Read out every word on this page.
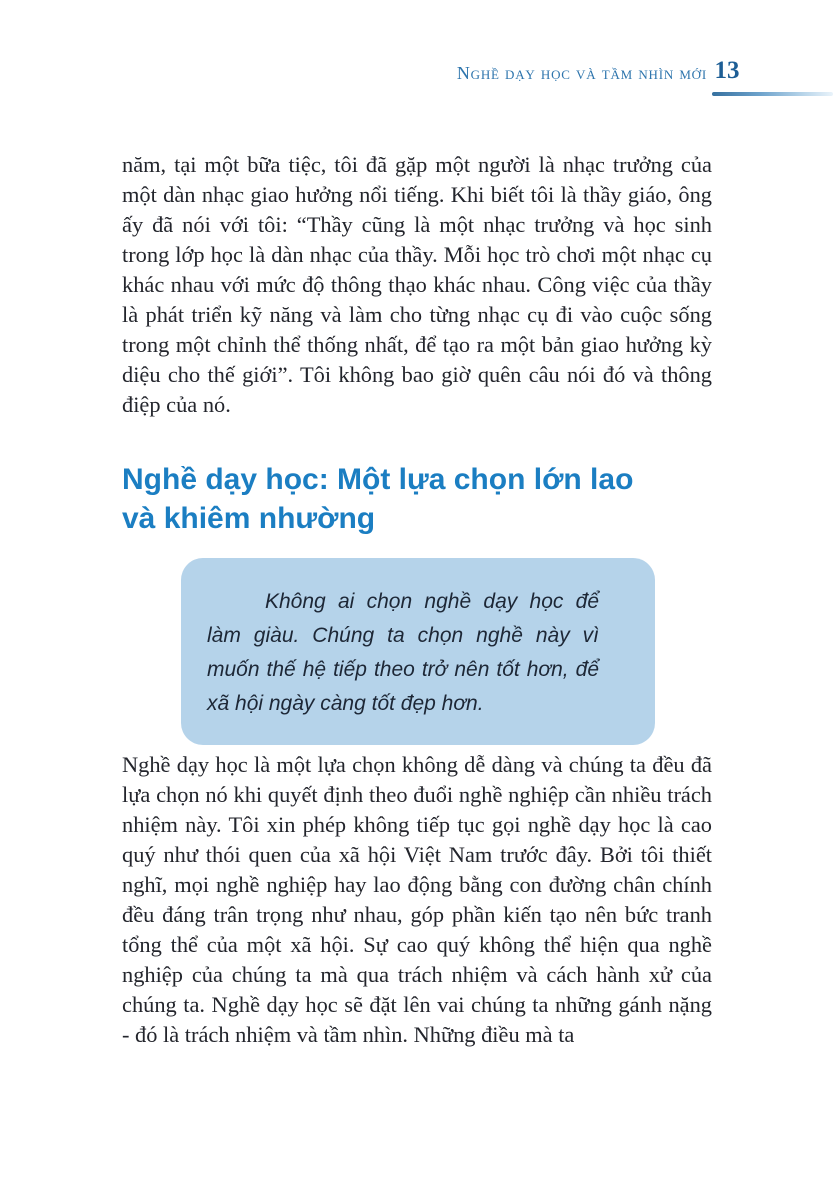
Nghề dạy học và tầm nhìn mới 13

năm, tại một bữa tiệc, tôi đã gặp một người là nhạc trưởng của một dàn nhạc giao hưởng nổi tiếng. Khi biết tôi là thầy giáo, ông ấy đã nói với tôi: “Thầy cũng là một nhạc trưởng và học sinh trong lớp học là dàn nhạc của thầy. Mỗi học trò chơi một nhạc cụ khác nhau với mức độ thông thạo khác nhau. Công việc của thầy là phát triển kỹ năng và làm cho từng nhạc cụ đi vào cuộc sống trong một chỉnh thể thống nhất, để tạo ra một bản giao hưởng kỳ diệu cho thế giới”. Tôi không bao giờ quên câu nói đó và thông điệp của nó.

Nghề dạy học: Một lựa chọn lớn lao và khiêm nhường

Không ai chọn nghề dạy học để làm giàu. Chúng ta chọn nghề này vì muốn thế hệ tiếp theo trở nên tốt hơn, để xã hội ngày càng tốt đẹp hơn.

Nghề dạy học là một lựa chọn không dễ dàng và chúng ta đều đã lựa chọn nó khi quyết định theo đuổi nghề nghiệp cần nhiều trách nhiệm này. Tôi xin phép không tiếp tục gọi nghề dạy học là cao quý như thói quen của xã hội Việt Nam trước đây. Bởi tôi thiết nghĩ, mọi nghề nghiệp hay lao động bằng con đường chân chính đều đáng trân trọng như nhau, góp phần kiến tạo nên bức tranh tổng thể của một xã hội. Sự cao quý không thể hiện qua nghề nghiệp của chúng ta mà qua trách nhiệm và cách hành xử của chúng ta. Nghề dạy học sẽ đặt lên vai chúng ta những gánh nặng - đó là trách nhiệm và tầm nhìn. Những điều mà ta
